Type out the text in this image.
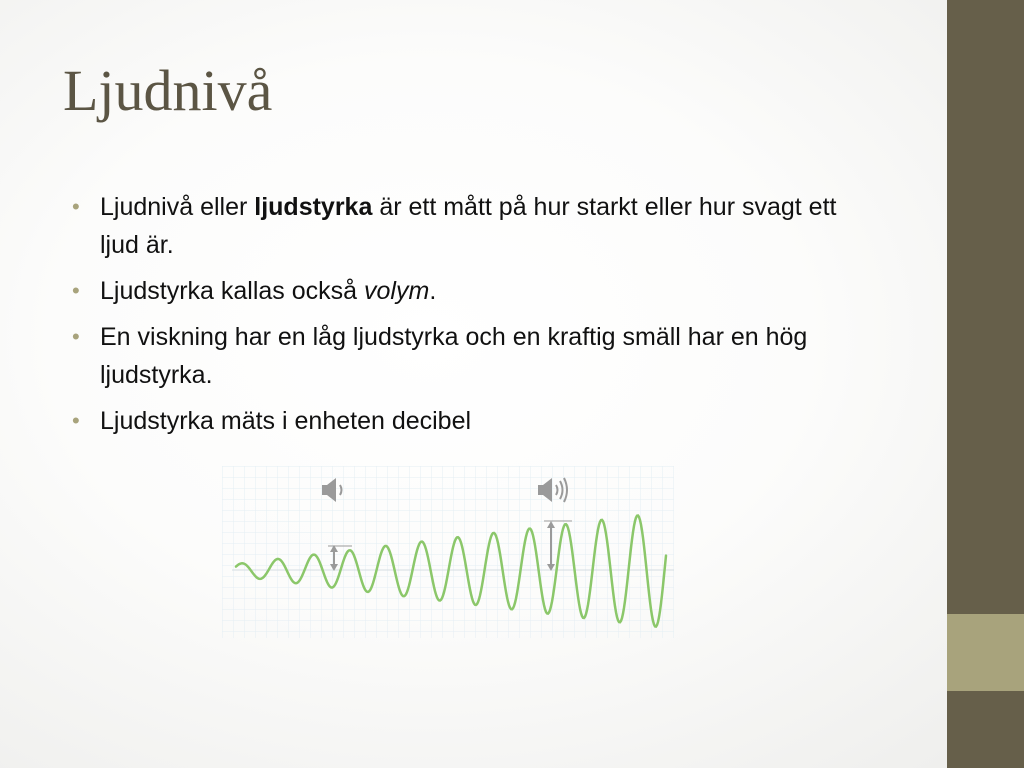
Ljudnivå
• Ljudnivå eller ljudstyrka är ett mått på hur starkt eller hur svagt ett ljud är.
• Ljudstyrka kallas också volym.
• En viskning har en låg ljudstyrka och en kraftig smäll har en hög ljudstyrka.
• Ljudstyrka mäts i enheten decibel
